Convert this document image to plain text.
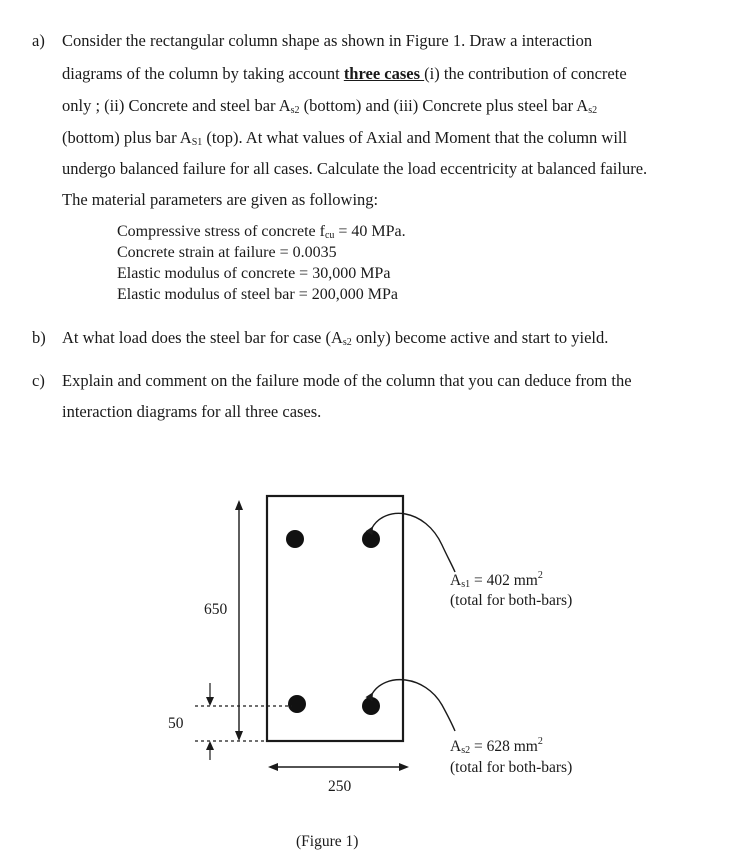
a) Consider the rectangular column shape as shown in Figure 1. Draw a interaction
diagrams of the column by taking account three cases (i) the contribution of concrete
only ; (ii) Concrete and steel bar $A_{s2}$ (bottom) and (iii) Concrete plus steel bar $A_{s2}$
(bottom) plus bar $A_{S1}$ (top). At what values of Axial and Moment that the column will
undergo balanced failure for all cases. Calculate the load eccentricity at balanced failure.
The material parameters are given as following:
Compressive stress of concrete $f_{cu} = 40$ MPa.
Concrete strain at failure = 0.0035
Elastic modulus of concrete = 30,000 MPa
Elastic modulus of steel bar = 200,000 MPa
b) At what load does the steel bar for case ($A_{s2}$ only) become active and start to yield.
c) Explain and comment on the failure mode of the column that you can deduce from the
interaction diagrams for all three cases.
650
50
250
$A_{s1} = 402$ $mm^2$
(total for both-bars)
$A_{s2} = 628$ $mm^2$
(total for both-bars)
(Figure 1)
